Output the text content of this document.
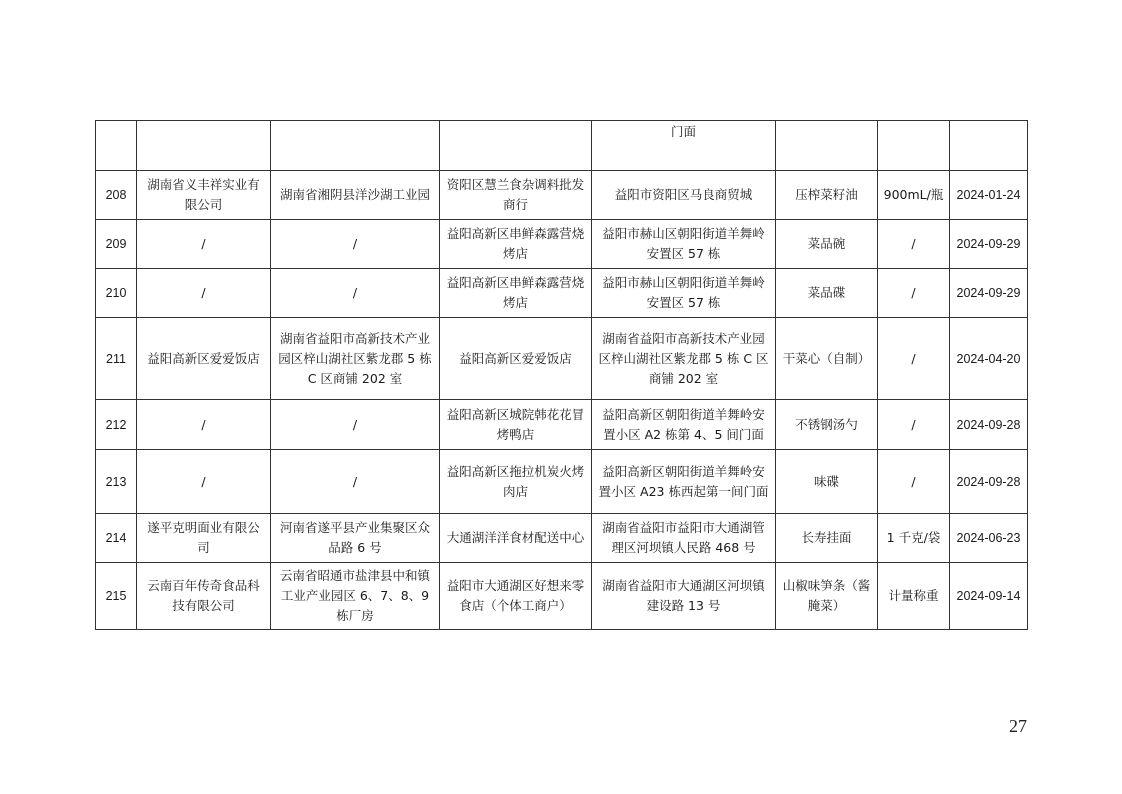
				门面			
208	湖南省义丰祥实业有限公司	湖南省湘阴县洋沙湖工业园	资阳区慧兰食杂调料批发商行	益阳市资阳区马良商贸城	压榨菜籽油	900mL/瓶	2024-01-24
209	/	/	益阳高新区串鲜森露营烧烤店	益阳市赫山区朝阳街道羊舞岭安置区 57 栋	菜品碗	/	2024-09-29
210	/	/	益阳高新区串鲜森露营烧烤店	益阳市赫山区朝阳街道羊舞岭安置区 57 栋	菜品碟	/	2024-09-29
211	益阳高新区爱爱饭店	湖南省益阳市高新技术产业园区梓山湖社区紫龙郡 5 栋 C 区商铺 202 室	益阳高新区爱爱饭店	湖南省益阳市高新技术产业园区梓山湖社区紫龙郡 5 栋 C 区商铺 202 室	干菜心（自制）	/	2024-04-20
212	/	/	益阳高新区城院韩花花冒烤鸭店	益阳高新区朝阳街道羊舞岭安置小区 A2 栋第 4、5 间门面	不锈钢汤勺	/	2024-09-28
213	/	/	益阳高新区拖拉机炭火烤肉店	益阳高新区朝阳街道羊舞岭安置小区 A23 栋西起第一间门面	味碟	/	2024-09-28
214	遂平克明面业有限公司	河南省遂平县产业集聚区众品路 6 号	大通湖洋洋食材配送中心	湖南省益阳市益阳市大通湖管理区河坝镇人民路 468 号	长寿挂面	1 千克/袋	2024-06-23
215	云南百年传奇食品科技有限公司	云南省昭通市盐津县中和镇工业产业园区 6、7、8、9 栋厂房	益阳市大通湖区好想来零食店（个体工商户）	湖南省益阳市大通湖区河坝镇建设路 13 号	山椒味笋条（酱腌菜）	计量称重	2024-09-14
27
